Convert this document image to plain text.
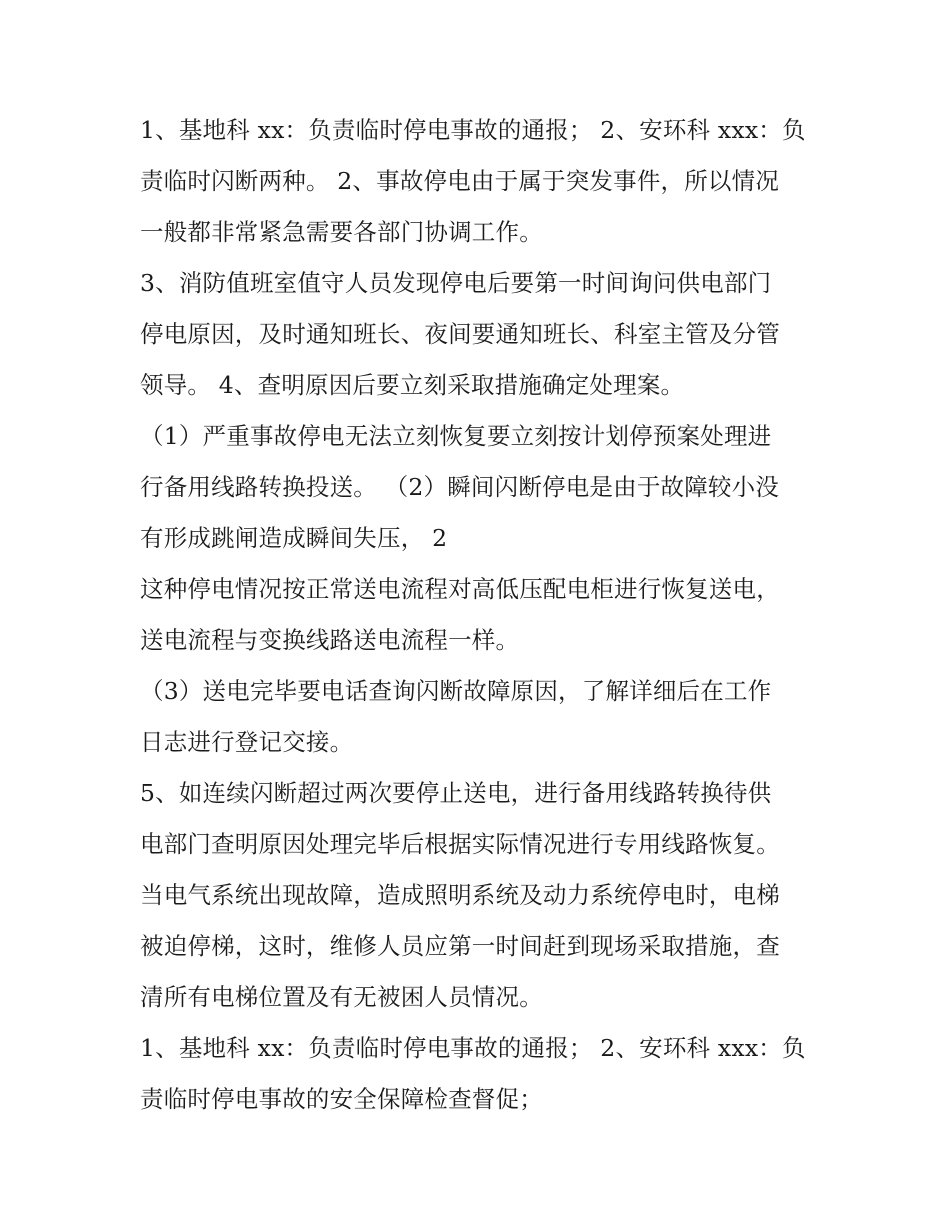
1、基地科 xx：负责临时停电事故的通报； 2、安环科 xxx：负

责临时闪断两种。 2、事故停电由于属于突发事件，所以情况

一般都非常紧急需要各部门协调工作。

3、消防值班室值守人员发现停电后要第一时间询问供电部门

停电原因，及时通知班长、夜间要通知班长、科室主管及分管

领导。 4、查明原因后要立刻采取措施确定处理案。

（1）严重事故停电无法立刻恢复要立刻按计划停预案处理进

行备用线路转换投送。 （2）瞬间闪断停电是由于故障较小没

有形成跳闸造成瞬间失压， 2

这种停电情况按正常送电流程对高低压配电柜进行恢复送电，

送电流程与变换线路送电流程一样。

（3）送电完毕要电话查询闪断故障原因，了解详细后在工作

日志进行登记交接。

5、如连续闪断超过两次要停止送电，进行备用线路转换待供

电部门查明原因处理完毕后根据实际情况进行专用线路恢复。

当电气系统出现故障，造成照明系统及动力系统停电时，电梯

被迫停梯，这时，维修人员应第一时间赶到现场采取措施，查

清所有电梯位置及有无被困人员情况。

1、基地科 xx：负责临时停电事故的通报； 2、安环科 xxx：负

责临时停电事故的安全保障检查督促；
